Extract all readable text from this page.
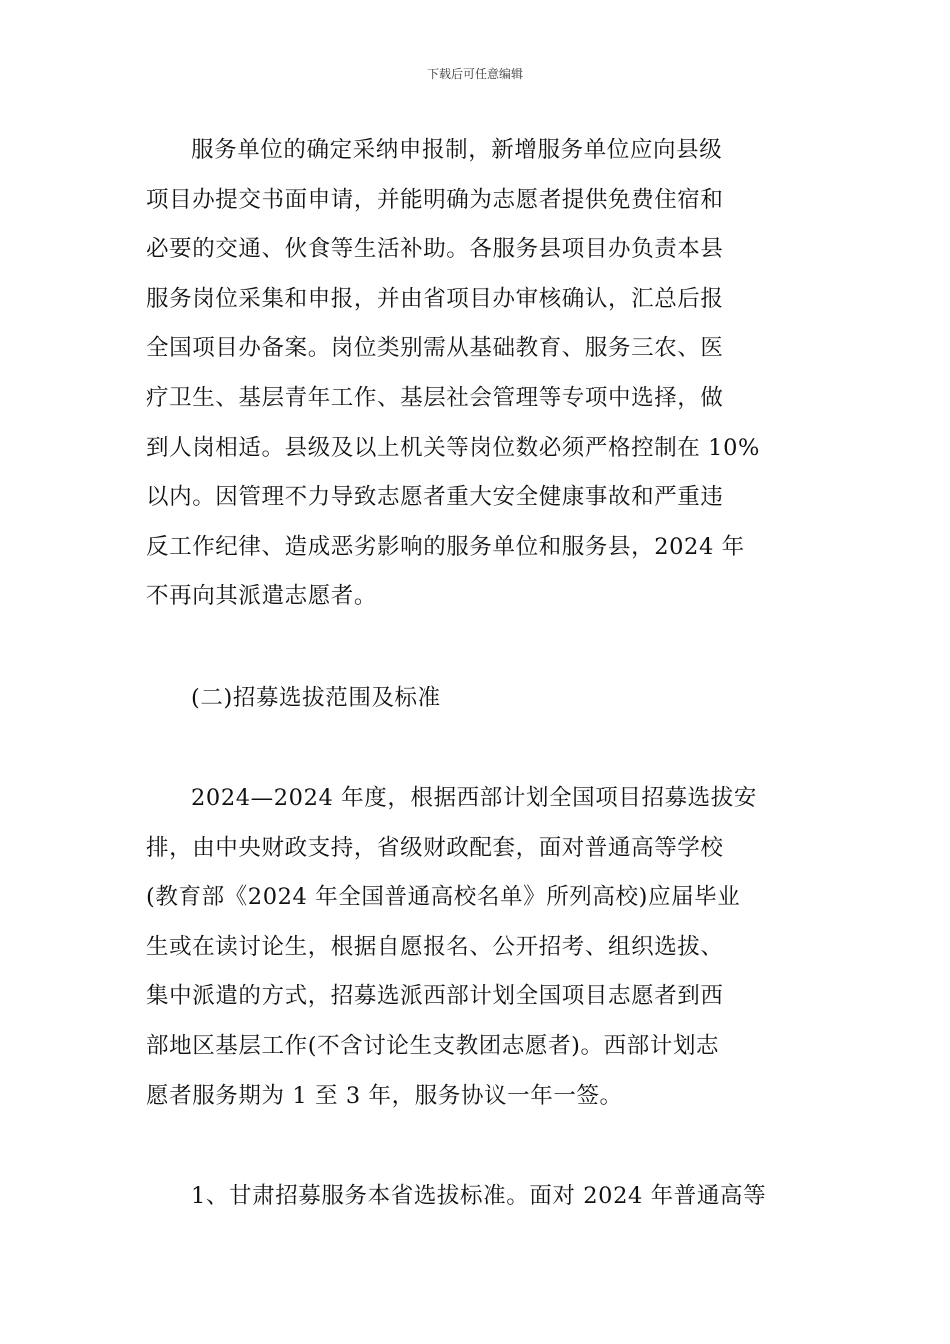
下载后可任意编辑

服务单位的确定采纳申报制，新增服务单位应向县级
项目办提交书面申请，并能明确为志愿者提供免费住宿和
必要的交通、伙食等生活补助。各服务县项目办负责本县
服务岗位采集和申报，并由省项目办审核确认，汇总后报
全国项目办备案。岗位类别需从基础教育、服务三农、医
疗卫生、基层青年工作、基层社会管理等专项中选择，做
到人岗相适。县级及以上机关等岗位数必须严格控制在 10%
以内。因管理不力导致志愿者重大安全健康事故和严重违
反工作纪律、造成恶劣影响的服务单位和服务县，2024 年
不再向其派遣志愿者。

(二)招募选拔范围及标准

2024—2024 年度，根据西部计划全国项目招募选拔安
排，由中央财政支持，省级财政配套，面对普通高等学校
(教育部《2024 年全国普通高校名单》所列高校)应届毕业
生或在读讨论生，根据自愿报名、公开招考、组织选拔、
集中派遣的方式，招募选派西部计划全国项目志愿者到西
部地区基层工作(不含讨论生支教团志愿者)。西部计划志
愿者服务期为 1 至 3 年，服务协议一年一签。

1、甘肃招募服务本省选拔标准。面对 2024 年普通高等
